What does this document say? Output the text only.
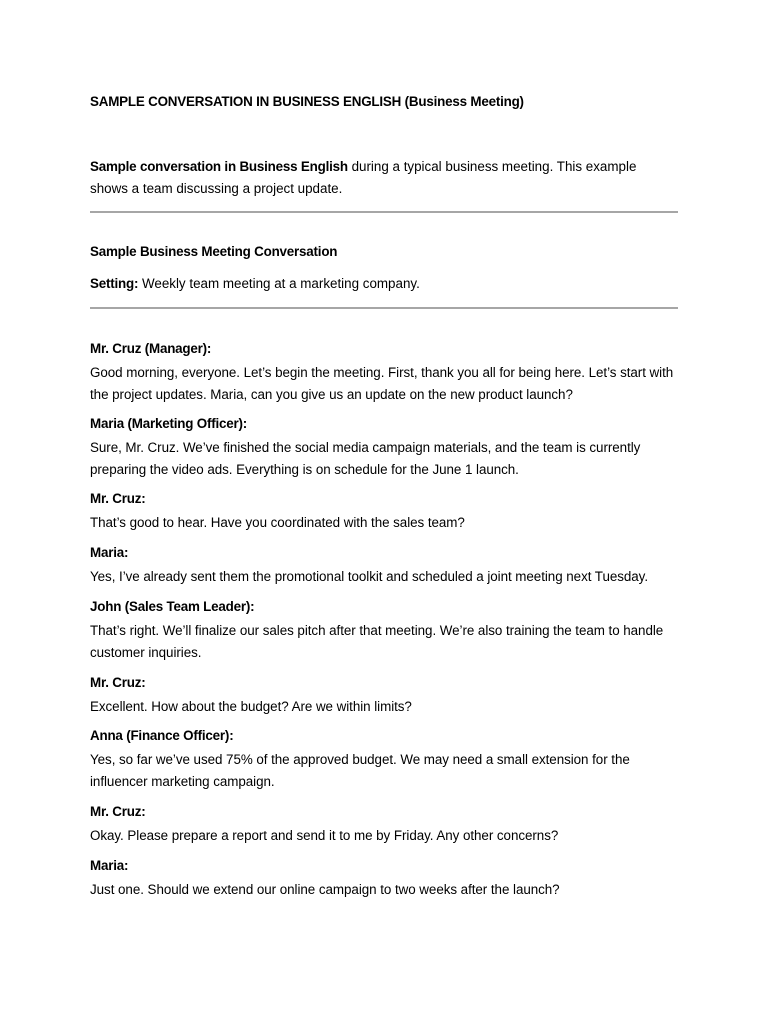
SAMPLE CONVERSATION IN BUSINESS ENGLISH (Business Meeting)

Sample conversation in Business English during a typical business meeting. This example shows a team discussing a project update.

Sample Business Meeting Conversation

Setting: Weekly team meeting at a marketing company.

Mr. Cruz (Manager):

Good morning, everyone. Let’s begin the meeting. First, thank you all for being here. Let’s start with the project updates. Maria, can you give us an update on the new product launch?

Maria (Marketing Officer):

Sure, Mr. Cruz. We’ve finished the social media campaign materials, and the team is currently preparing the video ads. Everything is on schedule for the June 1 launch.

Mr. Cruz:

That’s good to hear. Have you coordinated with the sales team?

Maria:

Yes, I’ve already sent them the promotional toolkit and scheduled a joint meeting next Tuesday.

John (Sales Team Leader):

That’s right. We’ll finalize our sales pitch after that meeting. We’re also training the team to handle customer inquiries.

Mr. Cruz:

Excellent. How about the budget? Are we within limits?

Anna (Finance Officer):

Yes, so far we’ve used 75% of the approved budget. We may need a small extension for the influencer marketing campaign.

Mr. Cruz:

Okay. Please prepare a report and send it to me by Friday. Any other concerns?

Maria:

Just one. Should we extend our online campaign to two weeks after the launch?
